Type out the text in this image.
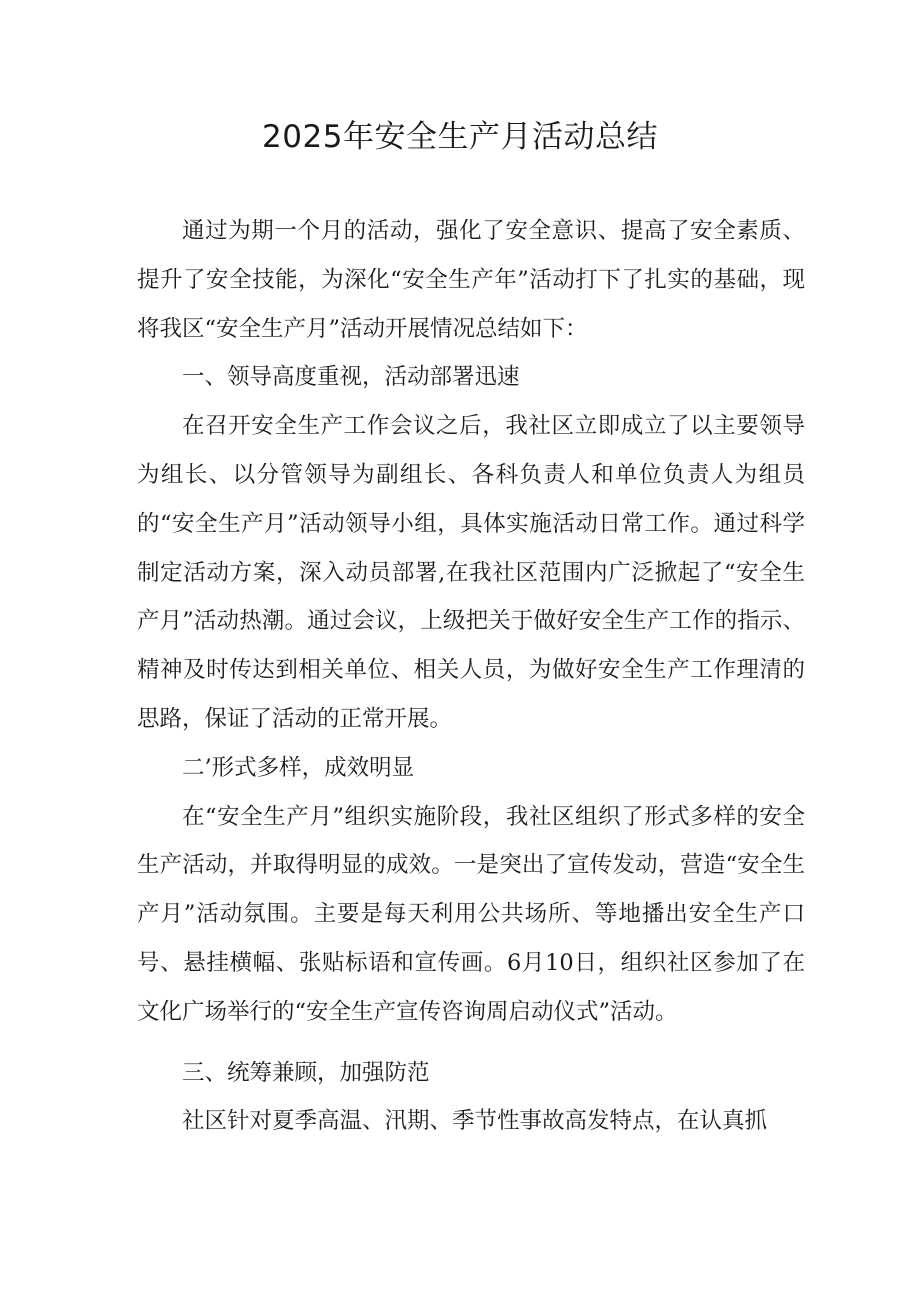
2025年安全生产月活动总结

通过为期一个月的活动，强化了安全意识、提高了安全素质、提升了安全技能，为深化“安全生产年”活动打下了扎实的基础，现将我区“安全生产月”活动开展情况总结如下：

一、领导高度重视，活动部署迅速

在召开安全生产工作会议之后，我社区立即成立了以主要领导为组长、以分管领导为副组长、各科负责人和单位负责人为组员的“安全生产月”活动领导小组，具体实施活动日常工作。通过科学制定活动方案，深入动员部署,在我社区范围内广泛掀起了“安全生产月”活动热潮。通过会议，上级把关于做好安全生产工作的指示、精神及时传达到相关单位、相关人员，为做好安全生产工作理清的思路，保证了活动的正常开展。

二’形式多样，成效明显

在“安全生产月”组织实施阶段，我社区组织了形式多样的安全生产活动，并取得明显的成效。一是突出了宣传发动，营造“安全生产月”活动氛围。主要是每天利用公共场所、等地播出安全生产口号、悬挂横幅、张贴标语和宣传画。6月10日，组织社区参加了在文化广场举行的“安全生产宣传咨询周启动仪式”活动。

三、统筹兼顾，加强防范

社区针对夏季高温、汛期、季节性事故高发特点，在认真抓
